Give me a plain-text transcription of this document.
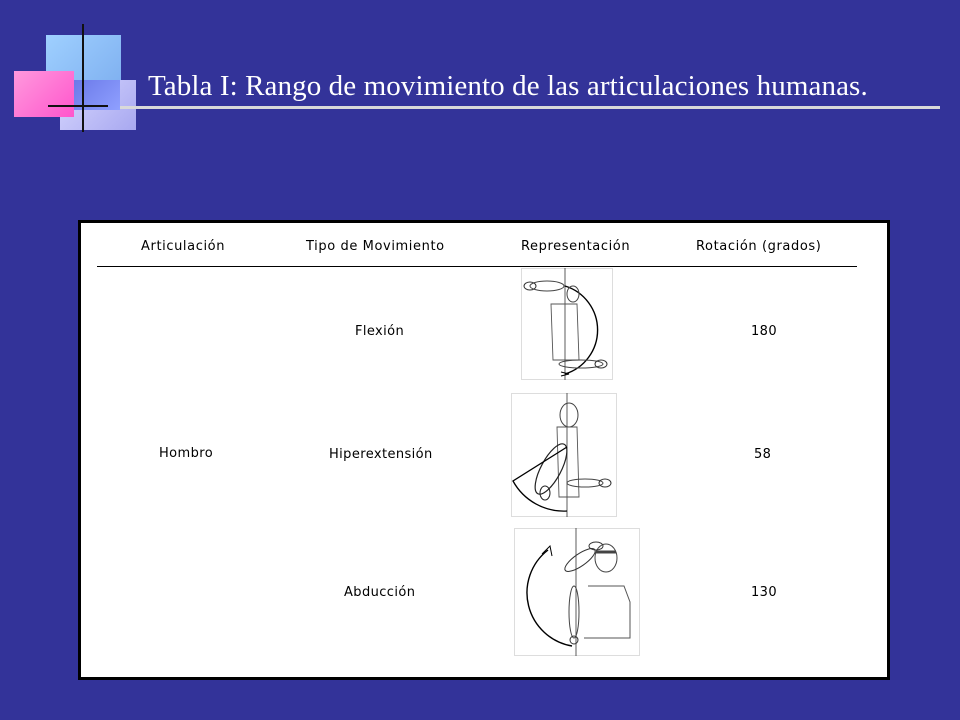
Tabla I: Rango de movimiento de las articulaciones humanas.
Articulación	Tipo de Movimiento	Representación	Rotación (grados)
Hombro
Flexión	180
Hiperextensión	58
Abducción	130
